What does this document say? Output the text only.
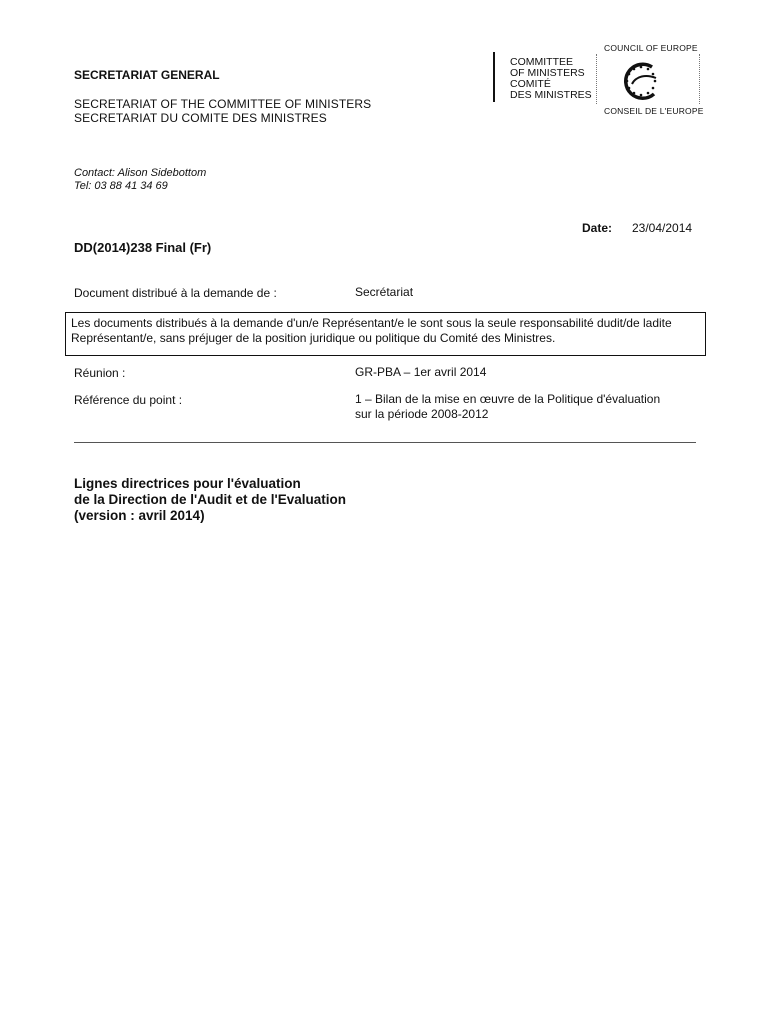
SECRETARIAT GENERAL
SECRETARIAT OF THE COMMITTEE OF MINISTERS
SECRETARIAT DU COMITE DES MINISTRES
COMMITTEE
OF MINISTERS
COMITÉ
DES MINISTRES
COUNCIL OF EUROPE
CONSEIL DE L'EUROPE
Contact: Alison Sidebottom
Tel: 03 88 41 34 69
Date: 23/04/2014
DD(2014)238 Final (Fr)
Document distribué à la demande de :	Secrétariat
Les documents distribués à la demande d'un/e Représentant/e le sont sous la seule responsabilité dudit/de ladite Représentant/e, sans préjuger de la position juridique ou politique du Comité des Ministres.
Réunion :	GR-PBA – 1er avril 2014
Référence du point :	1 – Bilan de la mise en œuvre de la Politique d'évaluation
sur la période 2008-2012
Lignes directrices pour l'évaluation
de la Direction de l'Audit et de l'Evaluation
(version : avril 2014)
